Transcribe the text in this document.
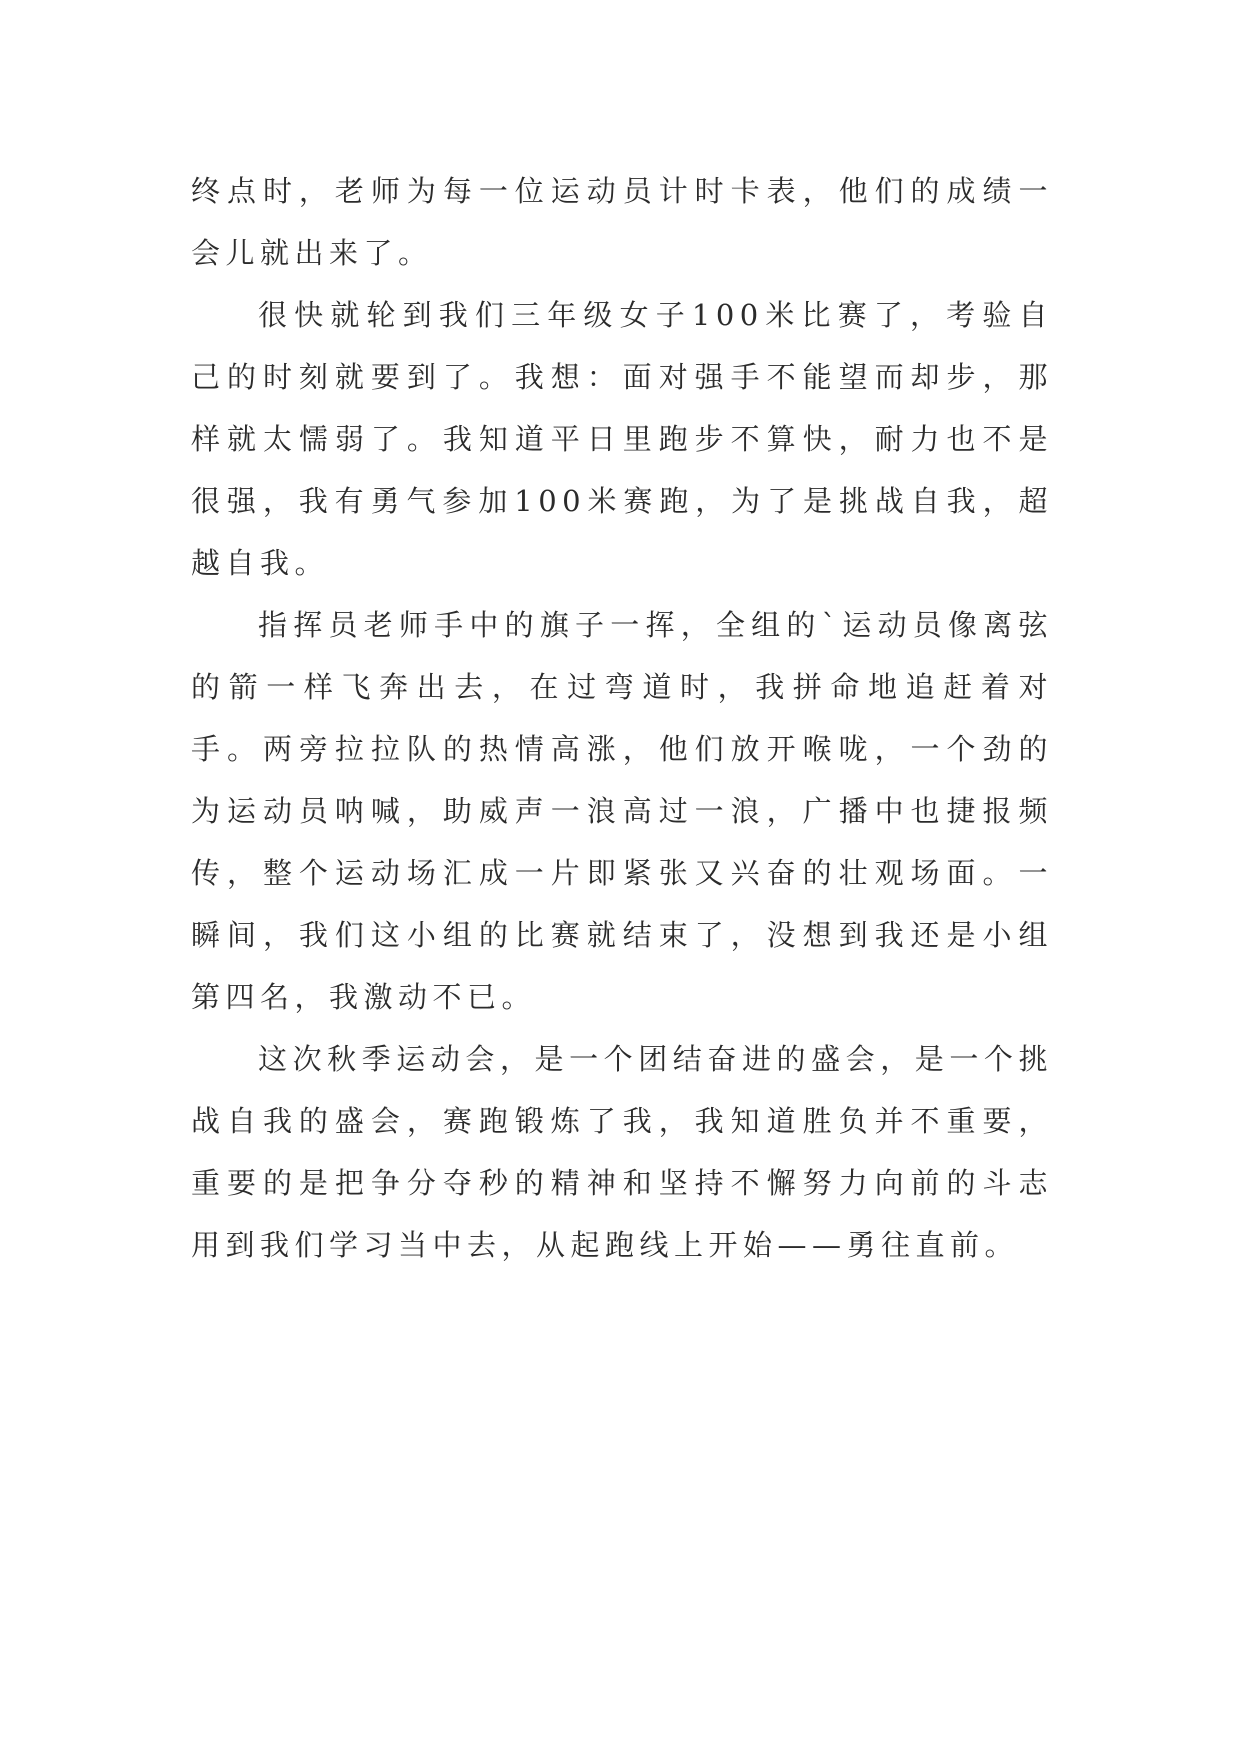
终点时，老师为每一位运动员计时卡表，他们的成绩一会儿就出来了。

很快就轮到我们三年级女子100米比赛了，考验自己的时刻就要到了。我想：面对强手不能望而却步，那样就太懦弱了。我知道平日里跑步不算快，耐力也不是很强，我有勇气参加100米赛跑，为了是挑战自我，超越自我。

指挥员老师手中的旗子一挥，全组的`运动员像离弦的箭一样飞奔出去，在过弯道时，我拼命地追赶着对手。两旁拉拉队的热情高涨，他们放开喉咙，一个劲的为运动员呐喊，助威声一浪高过一浪，广播中也捷报频传，整个运动场汇成一片即紧张又兴奋的壮观场面。一瞬间，我们这小组的比赛就结束了，没想到我还是小组第四名，我激动不已。

这次秋季运动会，是一个团结奋进的盛会，是一个挑战自我的盛会，赛跑锻炼了我，我知道胜负并不重要，重要的是把争分夺秒的精神和坚持不懈努力向前的斗志用到我们学习当中去，从起跑线上开始——勇往直前。
